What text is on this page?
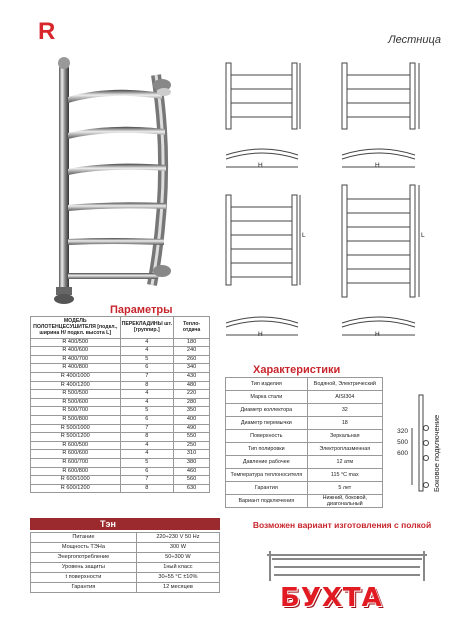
R	Лестница
H	H
L	L
H	H
Параметры
МОДЕЛЬ ПОЛОТЕНЦЕСУШИТЕЛЯ [подкл., ширина H/ подкл. высота L]	ПЕРЕКЛАДИНЫ шт. [группир.]	Тепло-отдача
R 400/500	4	180
R 400/600	4	240
R 400/700	5	260
R 400/800	6	340
R 400/1000	7	430
R 400/1200	8	480
R 500/500	4	220
R 500/600	4	280
R 500/700	5	350
R 500/800	6	400
R 500/1000	7	490
R 500/1200	8	550
R 600/500	4	250
R 600/600	4	310
R 600/700	5	380
R 600/800	6	460
R 600/1000	7	560
R 600/1200	8	630
Характеристики
Тип изделия	Водяной, Электрический
Марка стали	AISI304
Диаметр коллектора	32
Диаметр перемычки	18
Поверхность	Зеркальная
Тип полировки	Электроплазменная
Давление рабочее	12 атм
Температура теплоносителя	115 °С max
Гарантия	5 лет
Вариант подключения	Нижний, боковой, диагональный
320
500
600	Боковое подключение
Тэн
Питание	220÷230 V 50 Hz
Мощность ТЭНа	300 W
Энергопотребление	50÷300 W
Уровень защиты	1ный класс
t поверхности	30÷55 °С ±10%
Гарантия	12 месяцев
Возможен вариант изготовления с полкой
БУХТА
